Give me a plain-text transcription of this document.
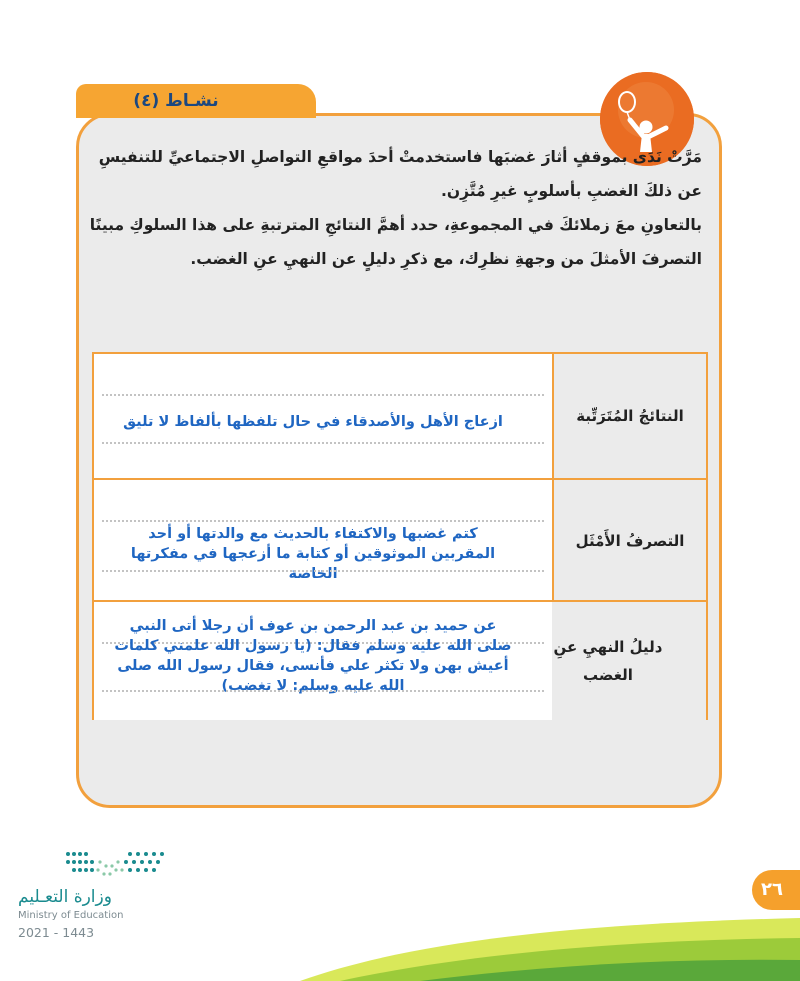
نشـاط (٤)

مَرَّتْ نَدَى بموقفٍ أثارَ غضبَها فاستخدمتْ أحدَ مواقعِ التواصلِ الاجتماعيِّ للتنفيسِ عن ذلكَ الغضبِ بأسلوبٍ غيرِ مُتَّزِن.

بالتعاونِ معَ زملائكَ في المجموعةِ، حدد أهمَّ النتائجِ المترتبةِ على هذا السلوكِ مبينًا التصرفَ الأمثلَ من وجهةِ نظرِك، مع ذكرِ دليلٍ عن النهيِ عنِ الغضب.

النتائجُ المُتَرَتِّبة
ازعاج الأهل والأصدقاء في حال تلفظها بألفاظ لا تليق
التصرفُ الأَمْثَل
كتم غضبها والاكتفاء بالحديث مع والدتها أو أحد المقربين الموثوقين أو كتابة ما أزعجها في مفكرتها الخاصة
دليلُ النهيِ عنِ الغضب
عن حميد بن عبد الرحمن بن عوف أن رجلا أتى النبي صلى الله عليه وسلم فقال: (يا رسول الله علمني كلمات أعيش بهن ولا تكثر علي فأنسى، فقال رسول الله صلى الله عليه وسلم: لا تغضب)
وزارة التعـليم
Ministry of Education
2021 - 1443
٢٦
